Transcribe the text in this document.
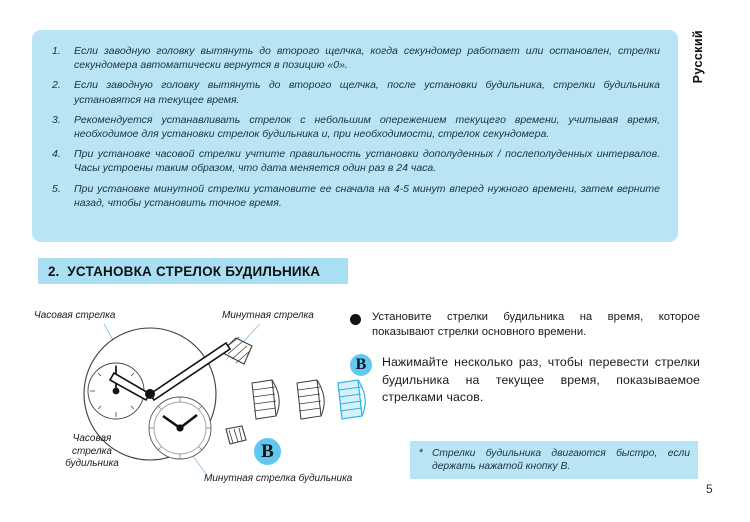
1.	Если заводную головку вытянуть до второго щелчка, когда секундомер работает или остановлен, стрелки секундомера автоматически вернутся в позицию «0».
2.	Если заводную головку вытянуть до второго щелчка, после установки будильника, стрелки будильника установятся на текущее время.
3.	Рекомендуется устанавливать стрелок с небольшим опережением текущего времени, учитывая время, необходимое для установки стрелок будильника и, при необходимости, стрелок секундомера.
4.	При установке часовой стрелки учтите правильность установки дополуденных / послеполуденных интервалов. Часы устроены таким образом, что дата меняется один раз в 24 часа.
5.	При установке минутной стрелки установите ее сначала на 4-5 минут вперед нужного времени, затем верните назад, чтобы установить точное время.
Русский
2. УСТАНОВКА СТРЕЛОК БУДИЛЬНИКА
Часовая стрелка	Минутная стрелка
Часовая стрелка будильника
Минутная стрелка будильника
B
Установите стрелки будильника на время, которое показывают стрелки основного времени.
B	Нажимайте несколько раз, чтобы перевести стрелки будильника на текущее время, показываемое стрелками часов.
* Стрелки будильника двигаются быстро, если держать нажатой кнопку B.
5
